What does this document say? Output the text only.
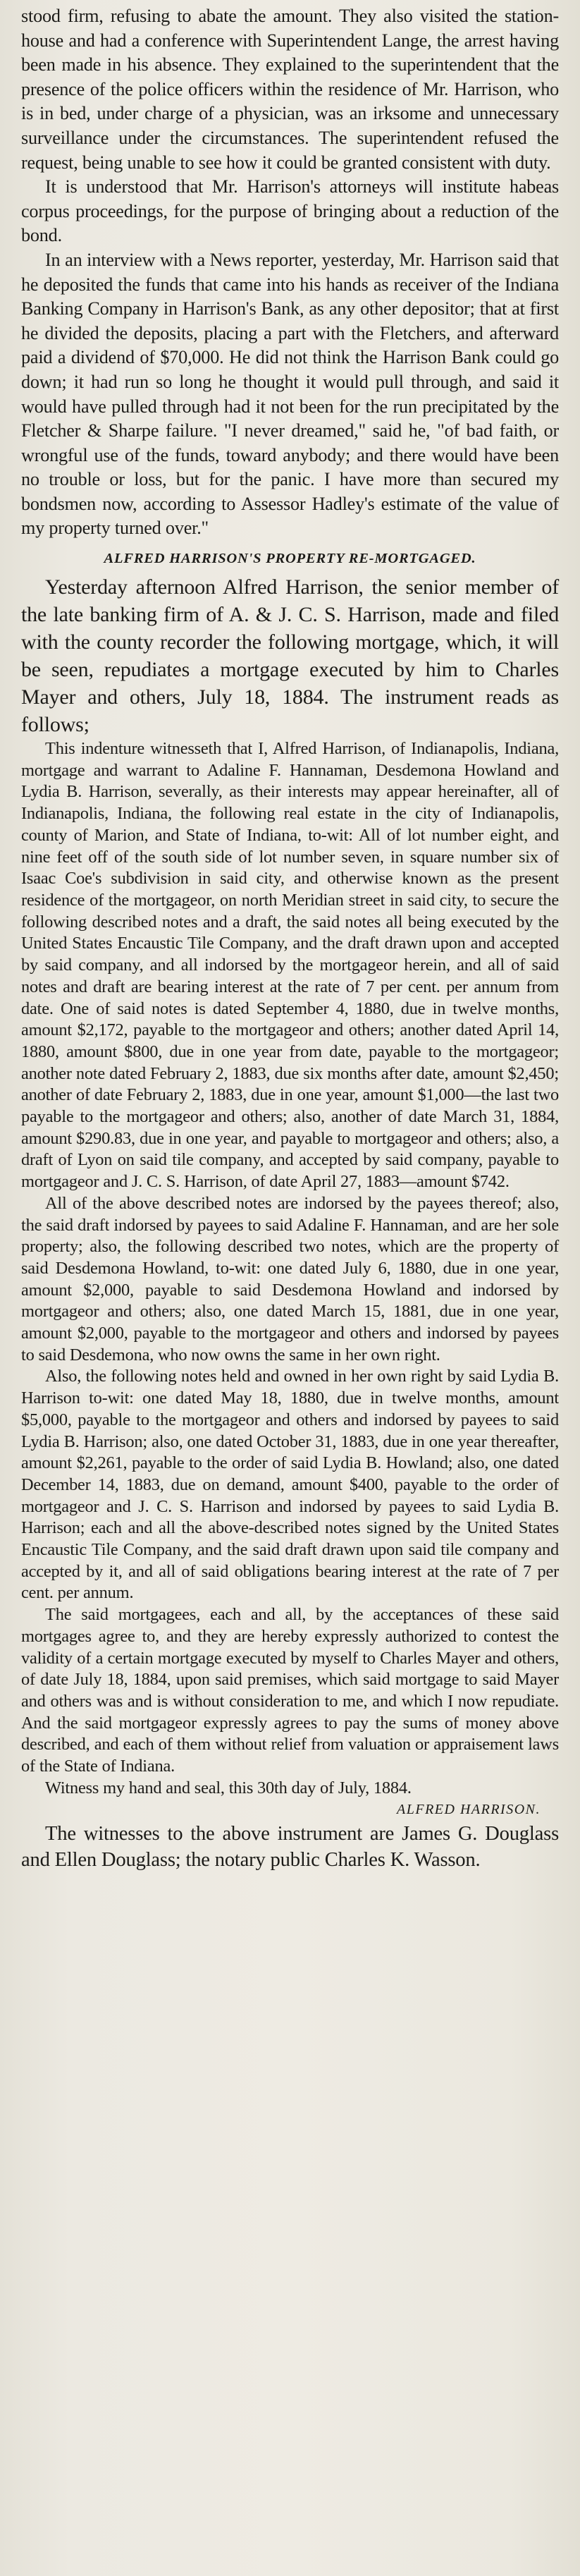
stood firm, refusing to abate the amount. They also visited the station-house and had a conference with Superintendent Lange, the arrest having been made in his absence. They explained to the superintendent that the presence of the police officers within the residence of Mr. Harrison, who is in bed, under charge of a physician, was an irksome and unnecessary surveillance under the circumstances. The superintendent refused the request, being unable to see how it could be granted consistent with duty.

It is understood that Mr. Harrison's attorneys will institute habeas corpus proceedings, for the purpose of bringing about a reduction of the bond.

In an interview with a News reporter, yesterday, Mr. Harrison said that he deposited the funds that came into his hands as receiver of the Indiana Banking Company in Harrison's Bank, as any other depositor; that at first he divided the deposits, placing a part with the Fletchers, and afterward paid a dividend of $70,000. He did not think the Harrison Bank could go down; it had run so long he thought it would pull through, and said it would have pulled through had it not been for the run precipitated by the Fletcher & Sharpe failure. "I never dreamed," said he, "of bad faith, or wrongful use of the funds, toward anybody; and there would have been no trouble or loss, but for the panic. I have more than secured my bondsmen now, according to Assessor Hadley's estimate of the value of my property turned over."

ALFRED HARRISON'S PROPERTY RE-MORTGAGED.

Yesterday afternoon Alfred Harrison, the senior member of the late banking firm of A. & J. C. S. Harrison, made and filed with the county recorder the following mortgage, which, it will be seen, repudiates a mortgage executed by him to Charles Mayer and others, July 18, 1884. The instrument reads as follows;

This indenture witnesseth that I, Alfred Harrison, of Indianapolis, Indiana, mortgage and warrant to Adaline F. Hannaman, Desdemona Howland and Lydia B. Harrison, severally, as their interests may appear hereinafter, all of Indianapolis, Indiana, the following real estate in the city of Indianapolis, county of Marion, and State of Indiana, to-wit: All of lot number eight, and nine feet off of the south side of lot number seven, in square number six of Isaac Coe's subdivision in said city, and otherwise known as the present residence of the mortgageor, on north Meridian street in said city, to secure the following described notes and a draft, the said notes all being executed by the United States Encaustic Tile Company, and the draft drawn upon and accepted by said company, and all indorsed by the mortgageor herein, and all of said notes and draft are bearing interest at the rate of 7 per cent. per annum from date. One of said notes is dated September 4, 1880, due in twelve months, amount $2,172, payable to the mortgageor and others; another dated April 14, 1880, amount $800, due in one year from date, payable to the mortgageor; another note dated February 2, 1883, due six months after date, amount $2,450; another of date February 2, 1883, due in one year, amount $1,000—the last two payable to the mortgageor and others; also, another of date March 31, 1884, amount $290.83, due in one year, and payable to mortgageor and others; also, a draft of Lyon on said tile company, and accepted by said company, payable to mortgageor and J. C. S. Harrison, of date April 27, 1883—amount $742.

All of the above described notes are indorsed by the payees thereof; also, the said draft indorsed by payees to said Adaline F. Hannaman, and are her sole property; also, the following described two notes, which are the property of said Desdemona Howland, to-wit: one dated July 6, 1880, due in one year, amount $2,000, payable to said Desdemona Howland and indorsed by mortgageor and others; also, one dated March 15, 1881, due in one year, amount $2,000, payable to the mortgageor and others and indorsed by payees to said Desdemona, who now owns the same in her own right.

Also, the following notes held and owned in her own right by said Lydia B. Harrison to-wit: one dated May 18, 1880, due in twelve months, amount $5,000, payable to the mortgageor and others and indorsed by payees to said Lydia B. Harrison; also, one dated October 31, 1883, due in one year thereafter, amount $2,261, payable to the order of said Lydia B. Howland; also, one dated December 14, 1883, due on demand, amount $400, payable to the order of mortgageor and J. C. S. Harrison and indorsed by payees to said Lydia B. Harrison; each and all the above-described notes signed by the United States Encaustic Tile Company, and the said draft drawn upon said tile company and accepted by it, and all of said obligations bearing interest at the rate of 7 per cent. per annum.

The said mortgagees, each and all, by the acceptances of these said mortgages agree to, and they are hereby expressly authorized to contest the validity of a certain mortgage executed by myself to Charles Mayer and others, of date July 18, 1884, upon said premises, which said mortgage to said Mayer and others was and is without consideration to me, and which I now repudiate. And the said mortgageor expressly agrees to pay the sums of money above described, and each of them without relief from valuation or appraisement laws of the State of Indiana.

Witness my hand and seal, this 30th day of July, 1884.

ALFRED HARRISON.

The witnesses to the above instrument are James G. Douglass and Ellen Douglass; the notary public Charles K. Wasson.
